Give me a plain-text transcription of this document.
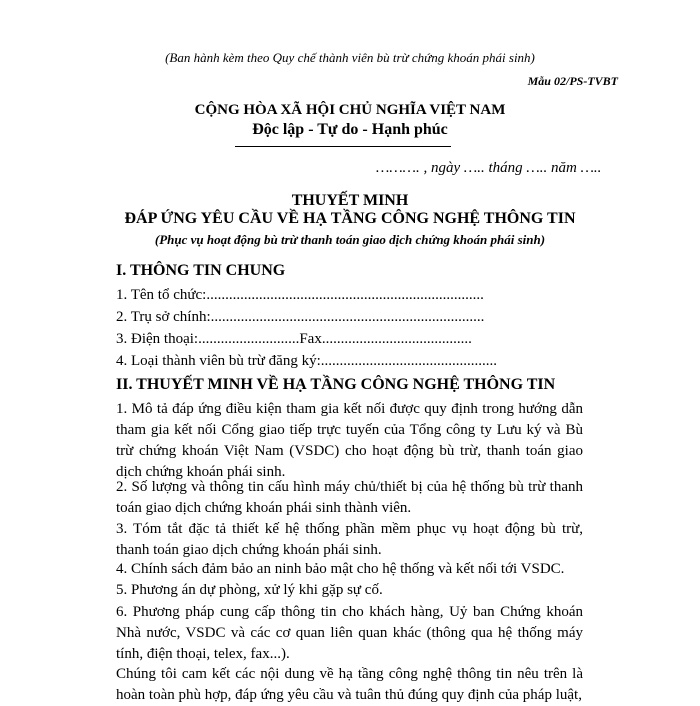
(Ban hành kèm theo Quy chế thành viên bù trừ chứng khoán phái sinh)
Mẫu 02/PS-TVBT
CỘNG HÒA XÃ HỘI CHỦ NGHĨA VIỆT NAM
Độc lập - Tự do - Hạnh phúc
………. , ngày ….. tháng ….. năm …..
THUYẾT MINH
ĐÁP ỨNG YÊU CẦU VỀ HẠ TẦNG CÔNG NGHỆ THÔNG TIN
(Phục vụ hoạt động bù trừ thanh toán giao dịch chứng khoán phái sinh)
I. THÔNG TIN CHUNG
1. Tên tổ chức:..........................................................................
2. Trụ sở chính:.........................................................................
3. Điện thoại:...........................Fax........................................
4. Loại thành viên bù trừ đăng ký:...............................................
II. THUYẾT MINH VỀ HẠ TẦNG CÔNG NGHỆ THÔNG TIN
1. Mô tả đáp ứng điều kiện tham gia kết nối được quy định trong hướng dẫn tham gia kết nối Cổng giao tiếp trực tuyến của Tổng công ty Lưu ký và Bù trừ chứng khoán Việt Nam (VSDC) cho hoạt động bù trừ, thanh toán giao dịch chứng khoán phái sinh.
2. Số lượng và thông tin cấu hình máy chủ/thiết bị của hệ thống bù trừ thanh toán giao dịch chứng khoán phái sinh thành viên.
3. Tóm tắt đặc tả thiết kế hệ thống phần mềm phục vụ hoạt động bù trừ, thanh toán giao dịch chứng khoán phái sinh.
4. Chính sách đảm bảo an ninh bảo mật cho hệ thống và kết nối tới VSDC.
5. Phương án dự phòng, xử lý khi gặp sự cố.
6. Phương pháp cung cấp thông tin cho khách hàng, Uỷ ban Chứng khoán Nhà nước, VSDC và các cơ quan liên quan khác (thông qua hệ thống máy tính, điện thoại, telex, fax...).
Chúng tôi cam kết các nội dung về hạ tầng công nghệ thông tin nêu trên là hoàn toàn phù hợp, đáp ứng yêu cầu và tuân thủ đúng quy định của pháp luật,
